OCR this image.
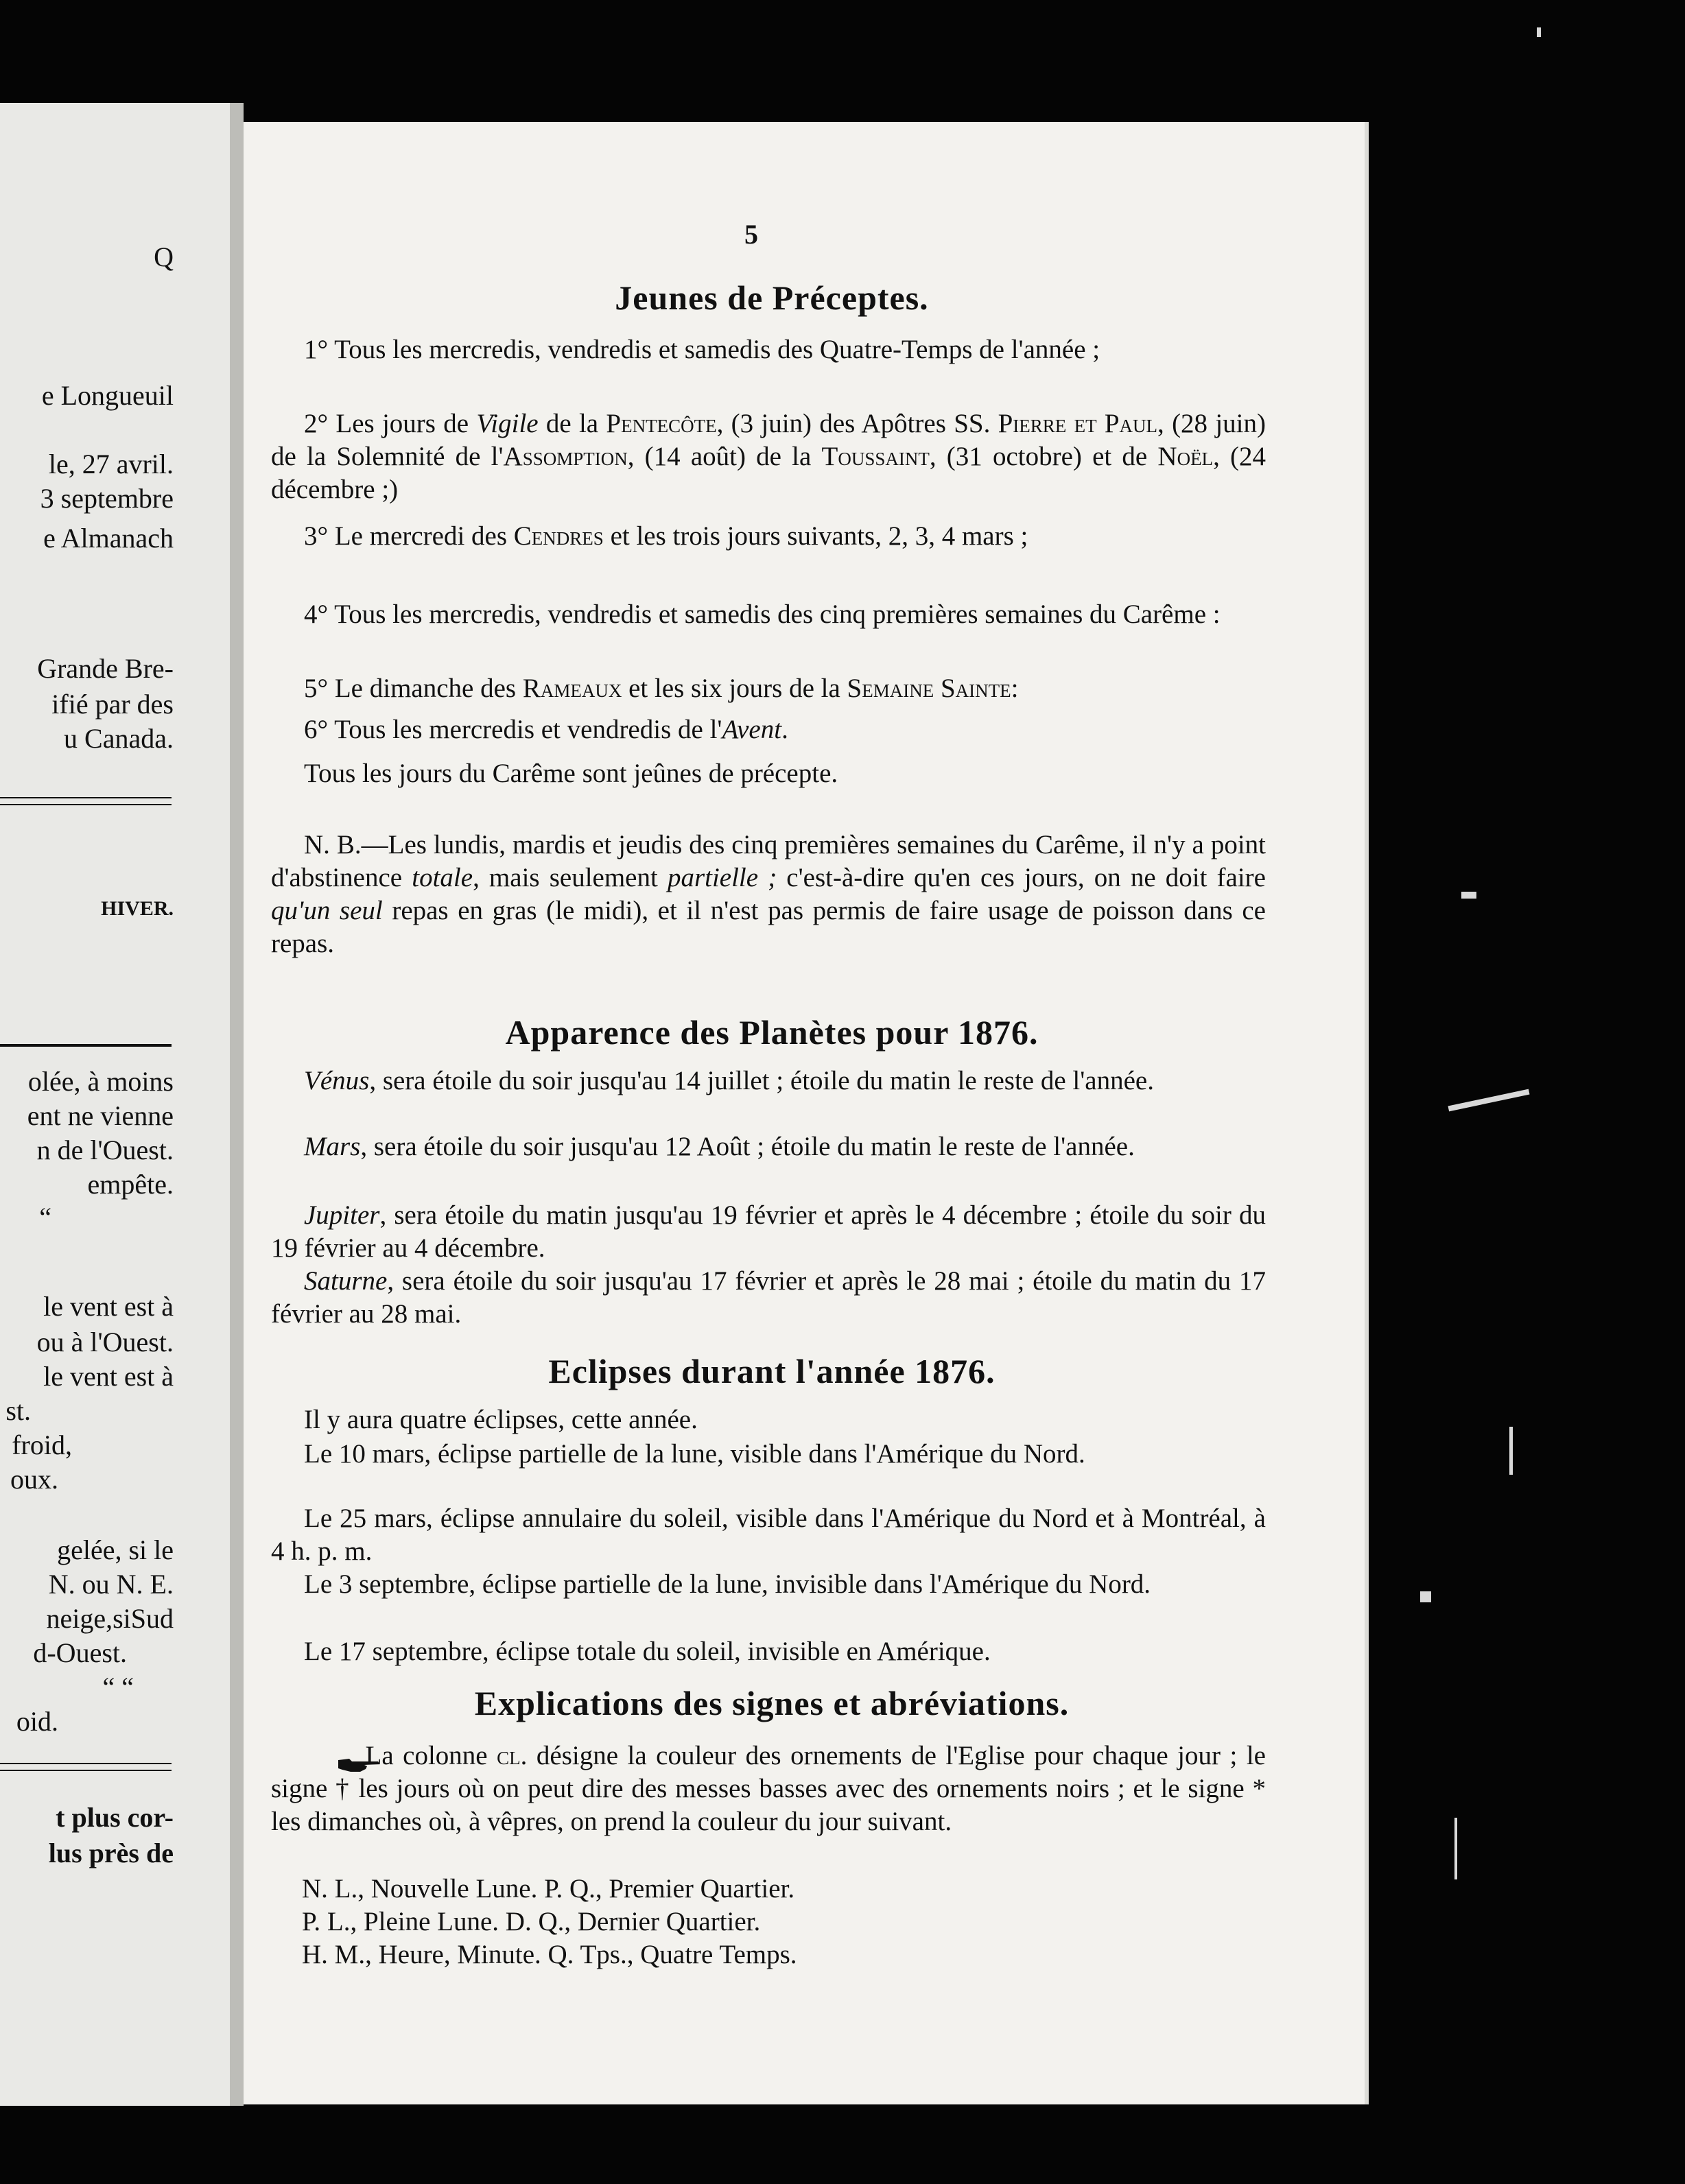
Q
e Longueuil
le, 27 avril.
3 septembre
e Almanach
Grande Bre-
ifié par des
u Canada.
HIVER.
olée, à moins
ent ne vienne
n de l'Ouest.
empête.
“
le vent est à
ou à l'Ouest.
le vent est à
st.
froid,
oux.
gelée, si le
N. ou N. E.
neige,siSud
d-Ouest.
“ “
oid.
t plus cor-
lus près de
5
Jeunes de Préceptes.
1° Tous les mercredis, vendredis et samedis des Quatre-Temps de l'année ;
2° Les jours de Vigile de la Pentecôte, (3 juin) des Apôtres SS. Pierre et Paul, (28 juin) de la Solemnité de l'Assomption, (14 août) de la Toussaint, (31 octobre) et de Noël, (24 décembre ;)
3° Le mercredi des Cendres et les trois jours suivants, 2, 3, 4 mars ;
4° Tous les mercredis, vendredis et samedis des cinq premières semaines du Carême :
5° Le dimanche des Rameaux et les six jours de la Semaine Sainte:
6° Tous les mercredis et vendredis de l'Avent.
Tous les jours du Carême sont jeûnes de précepte.
N. B.—Les lundis, mardis et jeudis des cinq premières semaines du Carême, il n'y a point d'abstinence totale, mais seulement partielle ; c'est-à-dire qu'en ces jours, on ne doit faire qu'un seul repas en gras (le midi), et il n'est pas permis de faire usage de poisson dans ce repas.
Apparence des Planètes pour 1876.
Vénus, sera étoile du soir jusqu'au 14 juillet ; étoile du matin le reste de l'année.
Mars, sera étoile du soir jusqu'au 12 Août ; étoile du matin le reste de l'année.
Jupiter, sera étoile du matin jusqu'au 19 février et après le 4 décembre ; étoile du soir du 19 février au 4 décembre.
Saturne, sera étoile du soir jusqu'au 17 février et après le 28 mai ; étoile du matin du 17 février au 28 mai.
Eclipses durant l'année 1876.
Il y aura quatre éclipses, cette année.
Le 10 mars, éclipse partielle de la lune, visible dans l'Amérique du Nord.
Le 25 mars, éclipse annulaire du soleil, visible dans l'Amérique du Nord et à Montréal, à 4 h. p. m.
Le 3 septembre, éclipse partielle de la lune, invisible dans l'Amérique du Nord.
Le 17 septembre, éclipse totale du soleil, invisible en Amérique.
Explications des signes et abréviations.
La colonne cl. désigne la couleur des ornements de l'Eglise pour chaque jour ; le signe † les jours où on peut dire des messes basses avec des ornements noirs ; et le signe * les dimanches où, à vêpres, on prend la couleur du jour suivant.
N. L., Nouvelle Lune. P. Q., Premier Quartier.
P. L., Pleine Lune. D. Q., Dernier Quartier.
H. M., Heure, Minute. Q. Tps., Quatre Temps.
